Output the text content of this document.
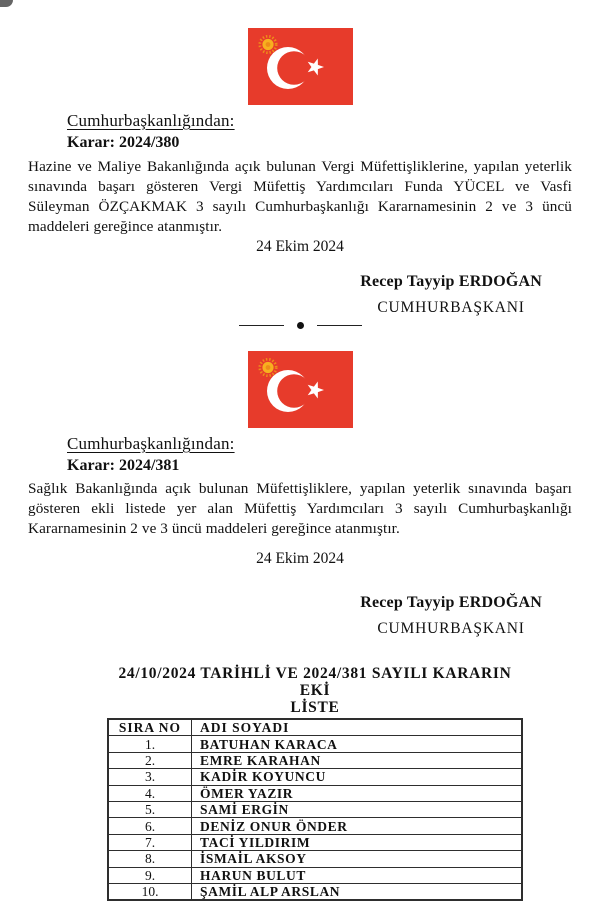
Cumhurbaşkanlığından:
Karar: 2024/380

Hazine ve Maliye Bakanlığında açık bulunan Vergi Müfettişliklerine, yapılan yeterlik sınavında başarı gösteren Vergi Müfettiş Yardımcıları Funda YÜCEL ve Vasfi Süleyman ÖZÇAKMAK 3 sayılı Cumhurbaşkanlığı Kararnamesinin 2 ve 3 üncü maddeleri gereğince atanmıştır.

24 Ekim 2024
Recep Tayyip ERDOĞAN
CUMHURBAŞKANI
Cumhurbaşkanlığından:
Karar: 2024/381

Sağlık Bakanlığında açık bulunan Müfettişliklere, yapılan yeterlik sınavında başarı gösteren ekli listede yer alan Müfettiş Yardımcıları 3 sayılı Cumhurbaşkanlığı Kararnamesinin 2 ve 3 üncü maddeleri gereğince atanmıştır.

24 Ekim 2024
Recep Tayyip ERDOĞAN
CUMHURBAŞKANI
24/10/2024 TARİHLİ VE 2024/381 SAYILI KARARIN EKİ
LİSTE
SIRA NO	ADI SOYADI
1.	BATUHAN KARACA
2.	EMRE KARAHAN
3.	KADİR KOYUNCU
4.	ÖMER YAZIR
5.	SAMİ ERGİN
6.	DENİZ ONUR ÖNDER
7.	TACİ YILDIRIM
8.	İSMAİL AKSOY
9.	HARUN BULUT
10.	ŞAMİL ALP ARSLAN
